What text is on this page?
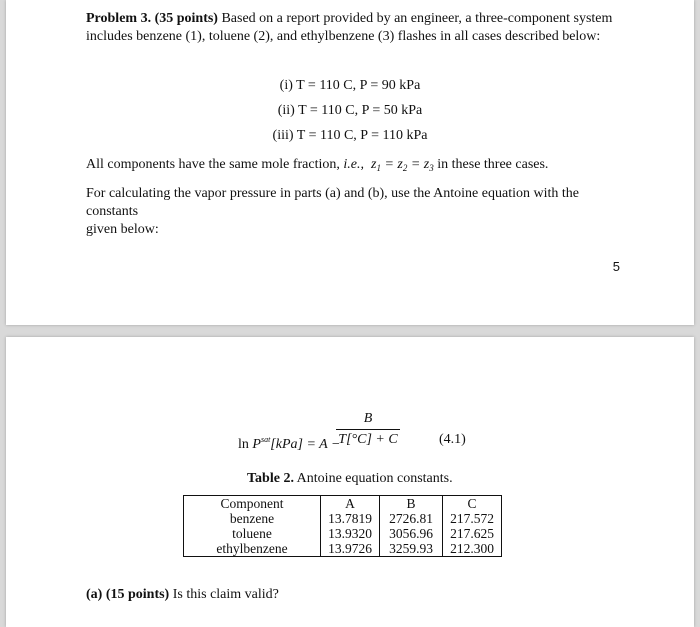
Problem 3. (35 points) Based on a report provided by an engineer, a three-component system
includes benzene (1), toluene (2), and ethylbenzene (3) flashes in all cases described below:
(i) T = 110 C, P = 90 kPa
(ii) T = 110 C, P = 50 kPa
(iii) T = 110 C, P = 110 kPa
All components have the same mole fraction, i.e.,  $z_1 = z_2 = z_3$ in these three cases.
For calculating the vapor pressure in parts (a) and (b), use the Antoine equation with the constants
given below:
5
$\ln P^{sat}[kPa] = A$ −
B
T[°C] + C	(4.1)
Table 2. Antoine equation constants.
Component	A	B	C
benzene	13.7819	2726.81	217.572
toluene	13.9320	3056.96	217.625
ethylbenzene	13.9726	3259.93	212.300
(a) (15 points) Is this claim valid?
